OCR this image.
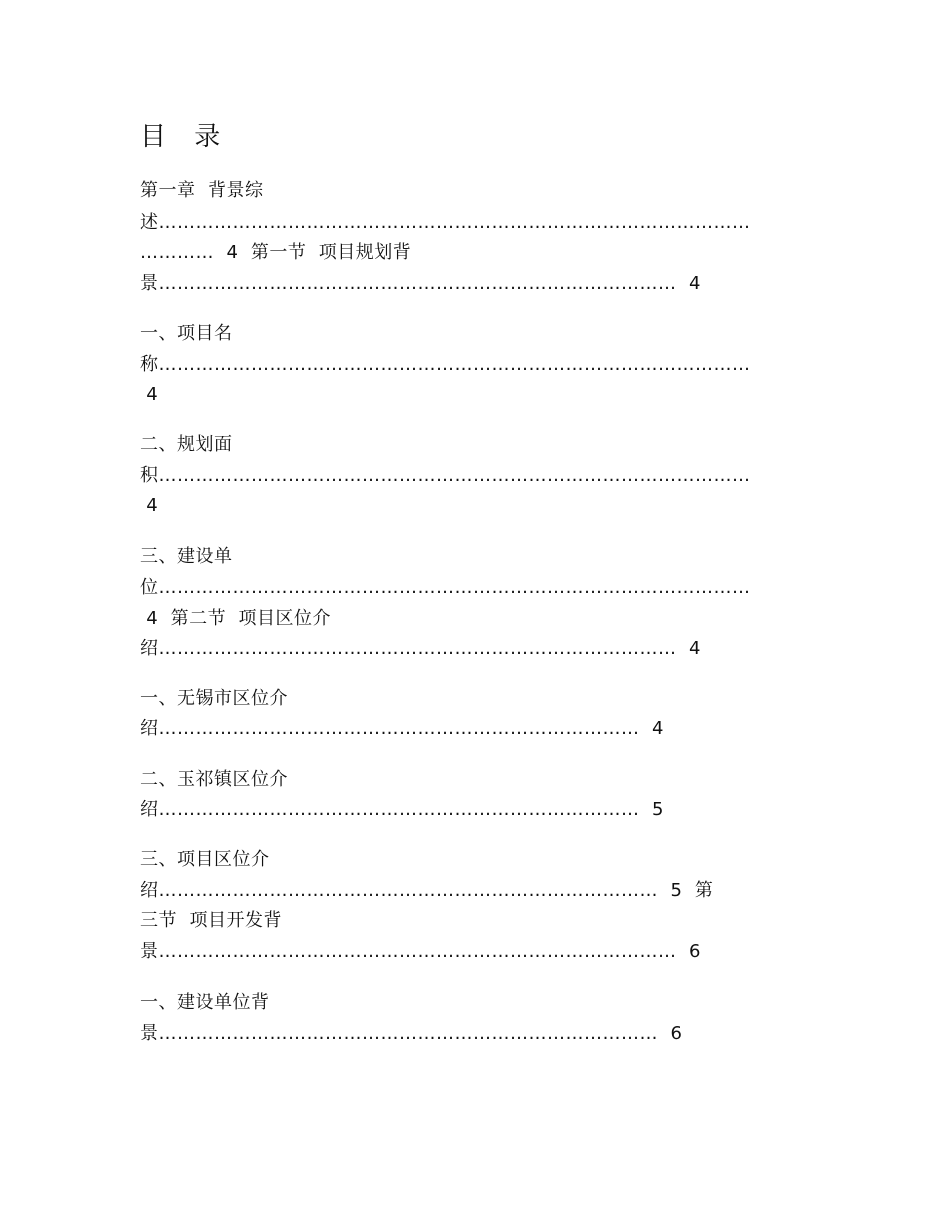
目 录
第一章  背景综
述……………………………………………………………………………………
…………  4  第一节  项目规划背
景…………………………………………………………………………  4
一、项目名
称……………………………………………………………………………………
4
二、规划面
积……………………………………………………………………………………
4
三、建设单
位……………………………………………………………………………………
4  第二节  项目区位介
绍…………………………………………………………………………  4
一、无锡市区位介
绍……………………………………………………………………  4
二、玉祁镇区位介
绍……………………………………………………………………  5
三、项目区位介
绍………………………………………………………………………  5  第
三节  项目开发背
景…………………………………………………………………………  6
一、建设单位背
景………………………………………………………………………  6
